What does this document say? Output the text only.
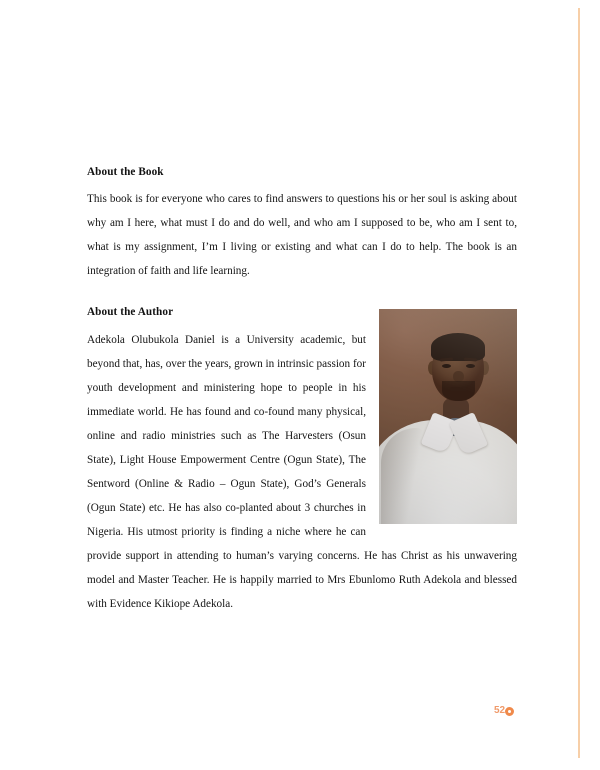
About the Book

This book is for everyone who cares to find answers to questions his or her soul is asking about why am I here, what must I do and do well, and who am I supposed to be, who am I sent to, what is my assignment, I’m I living or existing and what can I do to help. The book is an integration of faith and life learning.

About the Author

Adekola Olubukola Daniel is a University academic, but beyond that, has, over the years, grown in intrinsic passion for youth development and ministering hope to people in his immediate world. He has found and co-found many physical, online and radio ministries such as The Harvesters (Osun State), Light House Empowerment Centre (Ogun State), The Sentword (Online & Radio – Ogun State), God’s Generals (Ogun State) etc. He has also co-planted about 3 churches in Nigeria. His utmost priority is finding a niche where he can provide support in attending to human’s varying concerns. He has Christ as his unwavering model and Master Teacher. He is happily married to Mrs Ebunlomo Ruth Adekola and blessed with Evidence Kikiope Adekola.

52
